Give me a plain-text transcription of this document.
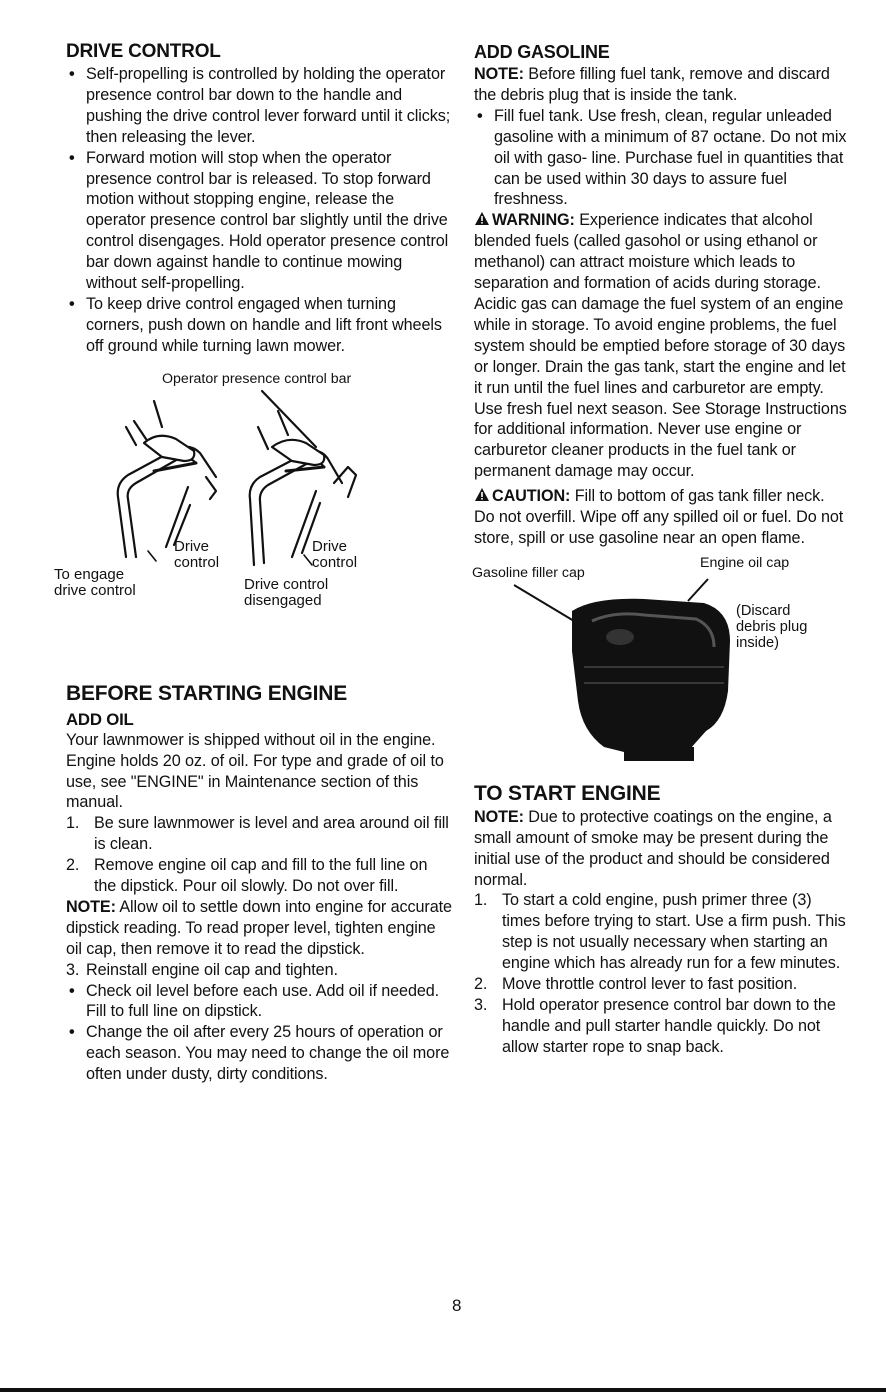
DRIVE CONTROL
• Self-propelling is controlled by holding the operator presence control bar down to the handle and pushing the drive control lever forward until it clicks; then releasing the lever.
• Forward motion will stop when the operator presence control bar is released. To stop forward motion without stopping engine, release the operator presence control bar slightly until the drive control disengages. Hold operator presence control bar down against handle to continue mowing without self-propelling.
• To keep drive control engaged when turning corners, push down on handle and lift front wheels off ground while turning lawn mower.
Operator presence control bar
Drive
control
Drive
control
To engage
drive control	Drive control
disengaged
BEFORE STARTING ENGINE
ADD OIL

Your lawnmower is shipped without oil in the engine. Engine holds 20 oz. of oil. For type and grade of oil to use, see "ENGINE" in Maintenance section of this manual.

1. Be sure lawnmower is level and area around oil fill is clean.
2. Remove engine oil cap and fill to the full line on the dipstick. Pour oil slowly. Do not over fill.

NOTE: Allow oil to settle down into engine for accurate dipstick reading. To read proper level, tighten engine oil cap, then remove it to read the dipstick.

3. Reinstall engine oil cap and tighten.
• Check oil level before each use. Add oil if needed. Fill to full line on dipstick.
• Change the oil after every 25 hours of operation or each season. You may need to change the oil more often under dusty, dirty conditions.
ADD GASOLINE

NOTE: Before filling fuel tank, remove and discard the debris plug that is inside the tank.

• Fill fuel tank. Use fresh, clean, regular unleaded gasoline with a minimum of 87 octane. Do not mix oil with gaso- line. Purchase fuel in quantities that can be used within 30 days to assure fuel freshness.

WARNING: Experience indicates that alcohol blended fuels (called gasohol or using ethanol or methanol) can attract moisture which leads to separation and formation of acids during storage. Acidic gas can damage the fuel system of an engine while in storage. To avoid engine problems, the fuel system should be emptied before storage of 30 days or longer. Drain the gas tank, start the engine and let it run until the fuel lines and carburetor are empty. Use fresh fuel next season. See Storage Instructions for additional information. Never use engine or carburetor cleaner products in the fuel tank or permanent damage may occur.

CAUTION: Fill to bottom of gas tank filler neck. Do not overfill. Wipe off any spilled oil or fuel. Do not store, spill or use gasoline near an open flame.

Engine oil cap
Gasoline filler cap
(Discard
debris plug
inside)
TO START ENGINE

NOTE: Due to protective coatings on the engine, a small amount of smoke may be present during the initial use of the product and should be considered normal.

1. To start a cold engine, push primer three (3) times before trying to start. Use a firm push. This step is not usually necessary when starting an engine which has already run for a few minutes.
2. Move throttle control lever to fast position.
3. Hold operator presence control bar down to the handle and pull starter handle quickly. Do not allow starter rope to snap back.
8
